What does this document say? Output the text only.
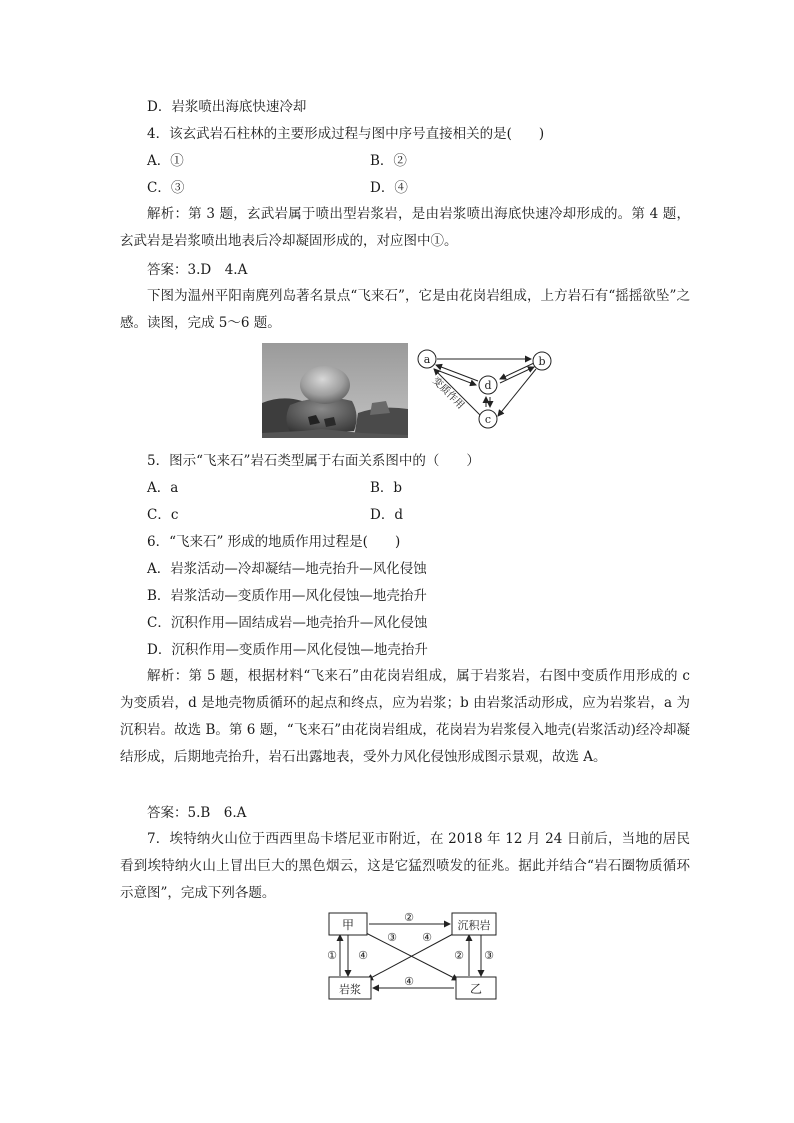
D．岩浆喷出海底快速冷却
4．该玄武岩石柱林的主要形成过程与图中序号直接相关的是(　　)
A．①	B．②
C．③	D．④
解析：第 3 题，玄武岩属于喷出型岩浆岩，是由岩浆喷出海底快速冷却形成的。第 4 题，玄武岩是岩浆喷出地表后冷却凝固形成的，对应图中①。
答案：3.D　4.A
下图为温州平阳南麂列岛著名景点“飞来石”，它是由花岗岩组成，上方岩石有“摇摇欲坠”之感。读图，完成 5～6 题。
a	b
d
c
变质作用
5．图示“飞来石”岩石类型属于右面关系图中的（　　）
A．a	B．b
C．c	D．d
6．“飞来石” 形成的地质作用过程是(　　)
A．岩浆活动—冷却凝结—地壳抬升—风化侵蚀
B．岩浆活动—变质作用—风化侵蚀—地壳抬升
C．沉积作用—固结成岩—地壳抬升—风化侵蚀
D．沉积作用—变质作用—风化侵蚀—地壳抬升
解析：第 5 题，根据材料“飞来石”由花岗岩组成，属于岩浆岩，右图中变质作用形成的 c 为变质岩，d 是地壳物质循环的起点和终点，应为岩浆；b 由岩浆活动形成，应为岩浆岩，a 为沉积岩。故选 B。第 6 题，“飞来石”由花岗岩组成，花岗岩为岩浆侵入地壳(岩浆活动)经冷却凝结形成，后期地壳抬升，岩石出露地表，受外力风化侵蚀形成图示景观，故选 A。
答案：5.B　6.A
7．埃特纳火山位于西西里岛卡塔尼亚市附近，在 2018 年 12 月 24 日前后，当地的居民看到埃特纳火山上冒出巨大的黑色烟云，这是它猛烈喷发的征兆。据此并结合“岩石圈物质循环示意图”，完成下列各题。
甲	沉积岩
岩浆	乙
②
③ ④
① ④	② ③
④
